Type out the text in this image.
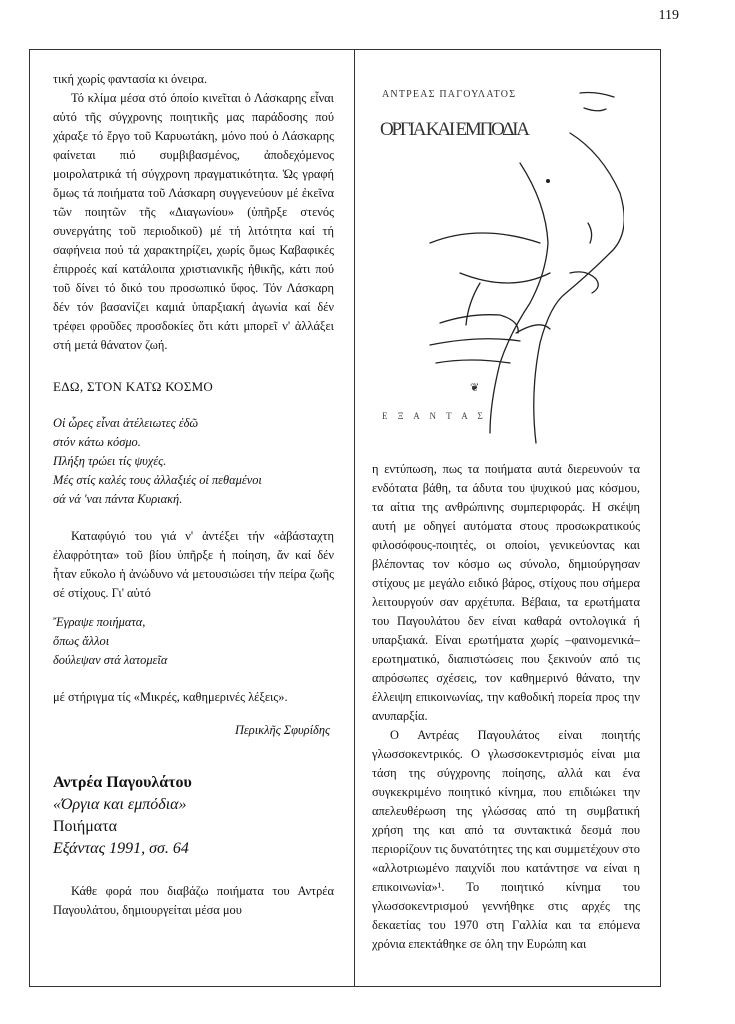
119

τική χωρίς φαντασία κι όνειρα.

Τό κλίμα μέσα στό όποίο κινεῖται ὁ Λάσκαρης εἶναι αὐτό τῆς σύγχρονης ποιητικῆς μας παράδοσης πού χάραξε τό ἔργο τοῦ Καρυωτάκη, μόνο πού ὁ Λάσκαρης φαίνεται πιό συμβιβασμένος, ἀποδεχόμενος μοιρολατρικά τή σύγχρονη πραγματικότητα. Ὡς γραφή ὅμως τά ποιήματα τοῦ Λάσκαρη συγγενεύουν μέ ἐκεῖνα τῶν ποιητῶν τῆς «Διαγωνίου» (ὑπῆρξε στενός συνεργάτης τοῦ περιοδικοῦ) μέ τή λιτότητα καί τή σαφήνεια πού τά χαρακτηρίζει, χωρίς ὅμως Καβαφικές ἐπιρροές καί κατάλοιπα χριστιανικῆς ἠθικῆς, κάτι πού τοῦ δίνει τό δικό του προσωπικό ὕφος. Τόν Λάσκαρη δέν τόν βασανίζει καμιά ὑπαρξιακή ἀγωνία καί δέν τρέφει φροῦδες προσδοκίες ὅτι κάτι μπορεῖ ν' ἀλλάξει στή μετά θάνατον ζωή.

ΕΔΩ, ΣΤΟΝ ΚΑΤΩ ΚΟΣΜΟ

Οἱ ὧρες εἶναι ἀτέλειωτες ἐδῶ
στόν κάτω κόσμο.
Πλήξη τρώει τίς ψυχές.
Μές στίς καλές τους ἀλλαξιές οἱ πεθαμένοι
σά νά 'ναι πάντα Κυριακή.

Καταφύγιό του γιά ν' ἀντέξει τήν «ἀβάσταχτη ἐλαφρότητα» τοῦ βίου ὑπῆρξε ἡ ποίηση, ἄν καί δέν ἦταν εὔκολο ἡ ἀνώδυνο νά μετουσιώσει τήν πείρα ζωῆς σέ στίχους. Γι' αὐτό

Ἔγραψε ποιήματα,
ὅπως ἄλλοι
δούλεψαν στά λατομεῖα

μέ στήριγμα τίς «Μικρές, καθημερινές λέξεις».

Περικλῆς Σφυρίδης
Αντρέα Παγουλάτου
«Όργια και εμπόδια»
Ποιήματα
Εξάντας 1991, σσ. 64

Κάθε φορά που διαβάζω ποιήματα του Αντρέα Παγουλάτου, δημιουργείται μέσα μου

ΑΝΤΡΕΑΣ ΠΑΓΟΥΛΑΤΟΣ
ΟΡΓΙΑ ΚΑΙ ΕΜΠΟΔΙΑ
❦
Ε Ξ Α Ν Τ Α Σ

η εντύπωση, πως τα ποιήματα αυτά διερευνούν τα ενδότατα βάθη, τα άδυτα του ψυχικού μας κόσμου, τα αίτια της ανθρώπινης συμπεριφοράς. Η σκέψη αυτή με οδηγεί αυτόματα στους προσωκρατικούς φιλοσόφους-ποιητές, οι οποίοι, γενικεύοντας και βλέποντας τον κόσμο ως σύνολο, δημιούργησαν στίχους με μεγάλο ειδικό βάρος, στίχους που σήμερα λειτουργούν σαν αρχέτυπα. Βέβαια, τα ερωτήματα του Παγουλάτου δεν είναι καθαρά οντολογικά ή υπαρξιακά. Είναι ερωτήματα χωρίς –φαινομενικά– ερωτηματικό, διαπιστώσεις που ξεκινούν από τις απρόσωπες σχέσεις, τον καθημερινό θάνατο, την έλλειψη επικοινωνίας, την καθοδική πορεία προς την ανυπαρξία.

Ο Αντρέας Παγουλάτος είναι ποιητής γλωσσοκεντρικός. Ο γλωσσοκεντρισμός είναι μια τάση της σύγχρονης ποίησης, αλλά και ένα συγκεκριμένο ποιητικό κίνημα, που επιδιώκει την απελευθέρωση της γλώσσας από τη συμβατική χρήση της και από τα συντακτικά δεσμά που περιορίζουν τις δυνατότητες της και συμμετέχουν στο «αλλοτριωμένο παιχνίδι που κατάντησε να είναι η επικοινωνία»¹. Το ποιητικό κίνημα του γλωσσοκεντρισμού γεννήθηκε στις αρχές της δεκαετίας του 1970 στη Γαλλία και τα επόμενα χρόνια επεκτάθηκε σε όλη την Ευρώπη και
